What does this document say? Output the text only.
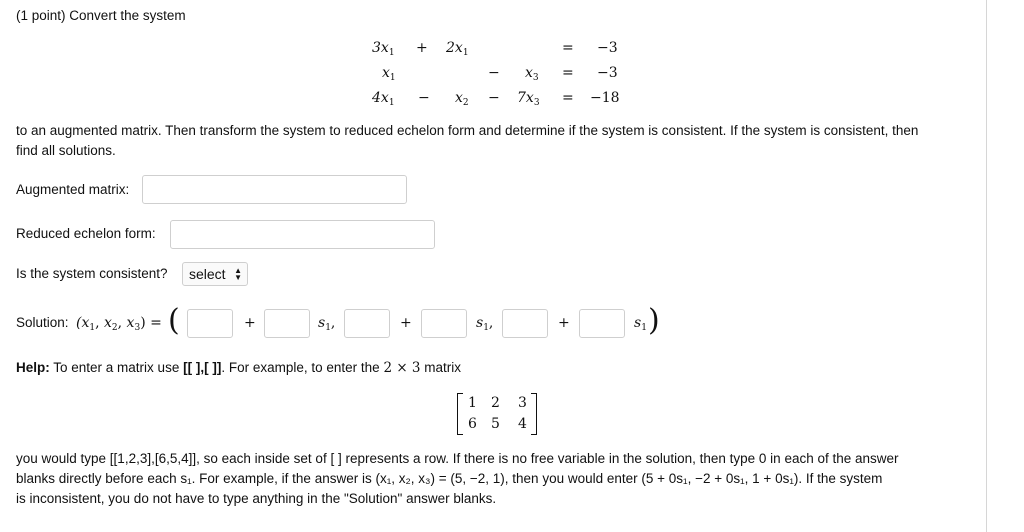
(1 point) Convert the system
$3x_1 + 2x_1$	= −3
$x_1$	− $x_3 = -3$
$4x_1 - x_2 - 7x_3 = -18$
to an augmented matrix. Then transform the system to reduced echelon form and determine if the system is consistent. If the system is consistent, then
find all solutions.
Augmented matrix:
Reduced echelon form:
Is the system consistent?	select ▲
▼
Solution: ($x_1$, $x_2$, $x_3$) = (	+	$s_1$,	+	$s_1$,	+	$s_1$ )
Help: To enter a matrix use [[ ],[ ]]. For example, to enter the 2 × 3 matrix
1 2 3
6 5 4
you would type [[1,2,3],[6,5,4]], so each inside set of [ ] represents a row. If there is no free variable in the solution, then type 0 in each of the answer
blanks directly before each s₁. For example, if the answer is (x₁, x₂, x₃) = (5, −2, 1), then you would enter (5 + 0s₁, −2 + 0s₁, 1 + 0s₁). If the system
is inconsistent, you do not have to type anything in the "Solution" answer blanks.
